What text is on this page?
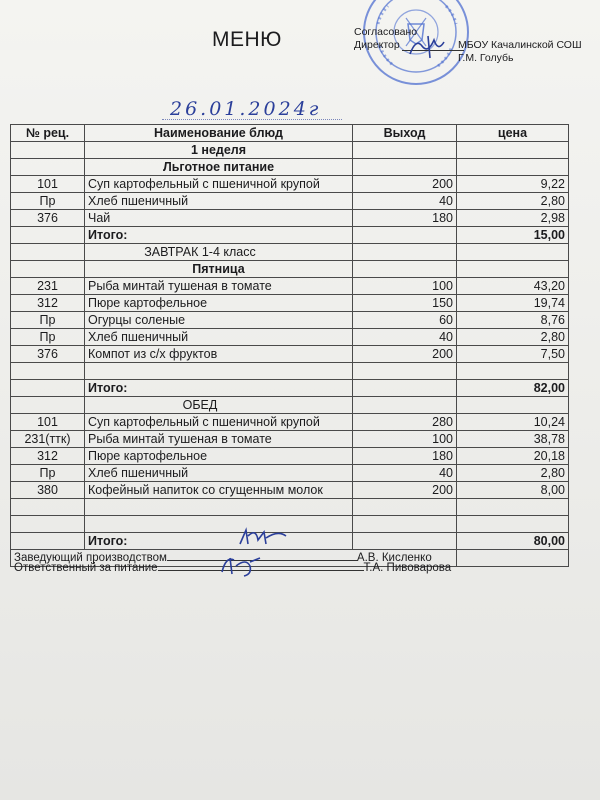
МЕНЮ	Согласовано
Директор	МБОУ Качалинской СОШ
Г.М. Голубь
26.01.2024г
№ рец.	Наименование блюд	Выход	цена
	1 неделя		
	Льготное питание		
101	Суп картофельный с пшеничной крупой	200	9,22
Пр	Хлеб пшеничный	40	2,80
376	Чай	180	2,98
	Итого:		15,00
	ЗАВТРАК 1-4 класс		
	Пятница		
231	Рыба минтай тушеная в томате	100	43,20
312	Пюре картофельное	150	19,74
Пр	Огурцы соленые	60	8,76
Пр	Хлеб пшеничный	40	2,80
376	Компот из с/х фруктов	200	7,50

	Итого:		82,00
	ОБЕД		
101	Суп картофельный с пшеничной крупой	280	10,24
231(ттк)	Рыба минтай тушеная в томате	100	38,78
312	Пюре картофельное	180	20,18
Пр	Хлеб пшеничный	40	2,80
380	Кофейный напиток со сгущенным молок	200	8,00

	Итого:		80,00
Заведующий производством А.В. Кисленко			
Ответственный за питание	Т.А. Пивоварова
